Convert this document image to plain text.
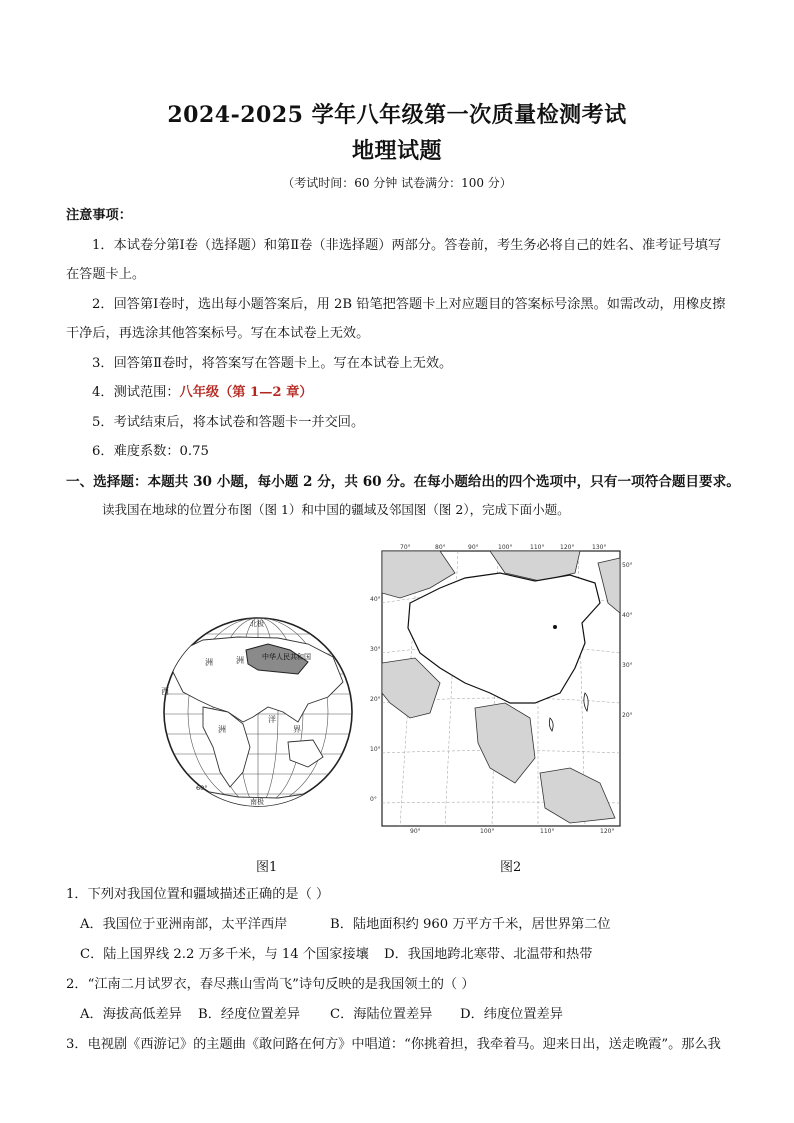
2024-2025 学年八年级第一次质量检测考试
地理试题
（考试时间：60 分钟 试卷满分：100 分）
注意事项：
1．本试卷分第Ⅰ卷（选择题）和第Ⅱ卷（非选择题）两部分。答卷前，考生务必将自己的姓名、准考证号填写
在答题卡上。
2．回答第Ⅰ卷时，选出每小题答案后，用 2B 铅笔把答题卡上对应题目的答案标号涂黑。如需改动，用橡皮擦
干净后，再选涂其他答案标号。写在本试卷上无效。
3．回答第Ⅱ卷时，将答案写在答题卡上。写在本试卷上无效。
4．测试范围：八年级（第 1—2 章）
5．考试结束后，将本试卷和答题卡一并交回。
6．难度系数：0.75
一、选择题：本题共 30 小题，每小题 2 分，共 60 分。在每小题给出的四个选项中，只有一项符合题目要求。
读我国在地球的位置分布图（图 1）和中国的疆域及邻国图（图 2），完成下面小题。
中华人民共和国
北极
南极
洲	洲
洲
洋
界
西
60°
70°	80°	90°	100°	110°	120°	130°
90°	100°	110°	120°
40°
30°
20°
10°
0°
50°
40°
30°
20°
图1	图2
1．下列对我国位置和疆域描述正确的是（ ）
A．我国位于亚洲南部，太平洋西岸	B．陆地面积约 960 万平方千米，居世界第二位
C．陆上国界线 2.2 万多千米，与 14 个国家接壤 D．我国地跨北寒带、北温带和热带
2．“江南二月试罗衣，春尽燕山雪尚飞”诗句反映的是我国领土的（ ）
A．海拔高低差异 B．经度位置差异 C．海陆位置差异 D．纬度位置差异
3．电视剧《西游记》的主题曲《敢问路在何方》中唱道：“你挑着担，我牵着马。迎来日出，送走晚霞”。那么我
